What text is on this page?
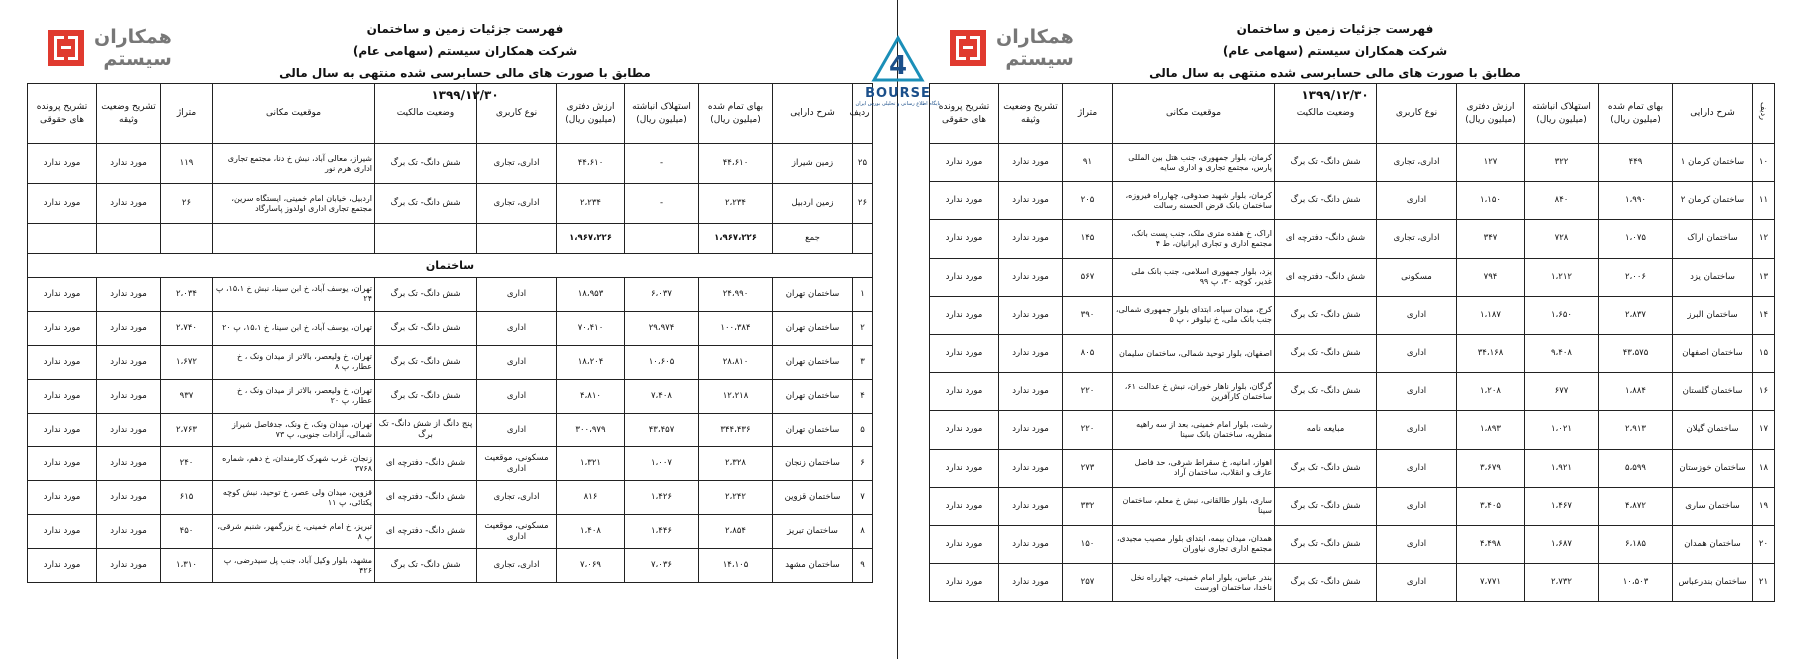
فهرست جزئیات زمین و ساختمان
شرکت همکاران سیستم (سهامی عام)
مطابق با صورت های مالی حسابرسی شده منتهی به سال مالی ۱۳۹۹/۱۲/۳۰
همکاران
سیستم
ردیف	شرح دارایی	بهای تمام شده (میلیون ریال)	استهلاک انباشته (میلیون ریال)	ارزش دفتری (میلیون ریال)	نوع کاربری	وضعیت مالکیت	موقعیت مکانی	متراژ	تشریح وضعیت وثیقه	تشریح پرونده های حقوقی
۲۵	زمین شیراز	۴۴،۶۱۰	-	۴۴،۶۱۰	اداری، تجاری	شش دانگ- تک برگ	شیراز، معالی آباد، نبش خ دنا، مجتمع تجاری اداری هرم نور	۱۱۹	مورد ندارد	مورد ندارد
۲۶	زمین اردبیل	۲،۲۳۴	-	۲،۲۳۴	اداری، تجاری	شش دانگ- تک برگ	اردبیل، خیابان امام خمینی، ایستگاه سرین، مجتمع تجاری اداری اولدوز پاسارگاد	۲۶	مورد ندارد	مورد ندارد
	جمع	۱،۹۶۷،۲۲۶		۱،۹۶۷،۲۲۶						
ساختمان										
۱	ساختمان تهران	۲۴،۹۹۰	۶،۰۳۷	۱۸،۹۵۳	اداری	شش دانگ- تک برگ	تهران، یوسف آباد، خ ابن سینا، نبش خ ۱۵،۱، پ ۲۴	۲،۰۳۴	مورد ندارد	مورد ندارد
۲	ساختمان تهران	۱۰۰،۳۸۴	۲۹،۹۷۴	۷۰،۴۱۰	اداری	شش دانگ- تک برگ	تهران، یوسف آباد، خ ابن سینا، خ ۱۵،۱، پ ۲۰	۲،۷۴۰	مورد ندارد	مورد ندارد
۳	ساختمان تهران	۲۸،۸۱۰	۱۰،۶۰۵	۱۸،۲۰۴	اداری	شش دانگ- تک برگ	تهران، خ ولیعصر، بالاتر از میدان ونک ، خ عطار، پ ۸	۱،۶۷۲	مورد ندارد	مورد ندارد
۴	ساختمان تهران	۱۲،۲۱۸	۷،۴۰۸	۴،۸۱۰	اداری	شش دانگ- تک برگ	تهران، خ ولیعصر، بالاتر از میدان ونک ، خ عطار، پ ۲۰	۹۳۷	مورد ندارد	مورد ندارد
۵	ساختمان تهران	۳۴۴،۴۳۶	۴۳،۴۵۷	۳۰۰،۹۷۹	اداری	پنج دانگ از شش دانگ- تک برگ	تهران، میدان ونک، خ ونک، جدفاصل شیراز شمالی، آزادات جنوبی، پ ۷۳	۲،۷۶۳	مورد ندارد	مورد ندارد
۶	ساختمان زنجان	۲،۳۲۸	۱،۰۰۷	۱،۳۲۱	مسکونی، موقعیت اداری	شش دانگ- دفترچه ای	زنجان، غرب شهرک کارمندان، خ دهم، شماره ۳۷۶۸	۲۴۰	مورد ندارد	مورد ندارد
۷	ساختمان قزوین	۲،۲۴۲	۱،۴۲۶	۸۱۶	اداری، تجاری	شش دانگ- دفترچه ای	قزوین، میدان ولی عصر، خ توحید، نبش کوچه یکتائی، پ ۱۱	۶۱۵	مورد ندارد	مورد ندارد
۸	ساختمان تبریز	۲،۸۵۴	۱،۴۴۶	۱،۴۰۸	مسکونی، موقعیت اداری	شش دانگ- دفترچه ای	تبریز، خ امام خمینی، خ بزرگمهر، شنبم شرقی، پ ۸	۴۵۰	مورد ندارد	مورد ندارد
۹	ساختمان مشهد	۱۴،۱۰۵	۷،۰۳۶	۷،۰۶۹	اداری، تجاری	شش دانگ- تک برگ	مشهد، بلوار وکیل آباد، جنب پل سیدرضی، پ ۴۲۶	۱،۳۱۰	مورد ندارد	مورد ندارد
4
BOURSE
پایگاه اطلاع رسانی و تحلیلی بورس ایران
فهرست جزئیات زمین و ساختمان
شرکت همکاران سیستم (سهامی عام)
مطابق با صورت های مالی حسابرسی شده منتهی به سال مالی ۱۳۹۹/۱۲/۳۰
همکاران
سیستم
ردیف	شرح دارایی	بهای تمام شده (میلیون ریال)	استهلاک انباشته (میلیون ریال)	ارزش دفتری (میلیون ریال)	نوع کاربری	وضعیت مالکیت	موقعیت مکانی	متراژ	تشریح وضعیت وثیقه	تشریح پرونده های حقوقی
۱۰	ساختمان کرمان ۱	۴۴۹	۳۲۲	۱۲۷	اداری، تجاری	شش دانگ- تک برگ	کرمان، بلوار جمهوری، جنب هتل بین المللی پارس، مجتمع تجاری و اداری سایه	۹۱	مورد ندارد	مورد ندارد
۱۱	ساختمان کرمان ۲	۱،۹۹۰	۸۴۰	۱،۱۵۰	اداری	شش دانگ- تک برگ	کرمان، بلوار شهید صدوقی، چهارراه فیروزه، ساختمان بانک قرض الحسنه رسالت	۲۰۵	مورد ندارد	مورد ندارد
۱۲	ساختمان اراک	۱،۰۷۵	۷۲۸	۳۴۷	اداری، تجاری	شش دانگ- دفترچه ای	اراک، خ هفده متری ملک، جنب پست بانک، مجتمع اداری و تجاری ایرانیان، ط ۴	۱۴۵	مورد ندارد	مورد ندارد
۱۳	ساختمان یزد	۲،۰۰۶	۱،۲۱۲	۷۹۴	مسکونی	شش دانگ- دفترچه ای	یزد، بلوار جمهوری اسلامی، جنب بانک ملی غدیر، کوچه ۳۰، پ ۹۹	۵۶۷	مورد ندارد	مورد ندارد
۱۴	ساختمان البرز	۲،۸۳۷	۱،۶۵۰	۱،۱۸۷	اداری	شش دانگ- تک برگ	کرج، میدان سپاه، ابتدای بلوار جمهوری شمالی، جنب بانک ملی، خ نیلوفر ، پ ۵	۳۹۰	مورد ندارد	مورد ندارد
۱۵	ساختمان اصفهان	۴۳،۵۷۵	۹،۴۰۸	۳۴،۱۶۸	اداری	شش دانگ- تک برگ	اصفهان، بلوار توحید شمالی، ساختمان سلیمان	۸۰۵	مورد ندارد	مورد ندارد
۱۶	ساختمان گلستان	۱،۸۸۴	۶۷۷	۱،۲۰۸	اداری	شش دانگ- تک برگ	گرگان، بلوار ناهار خوران، نبش خ عدالت ۶۱، ساختمان کارآفرین	۲۲۰	مورد ندارد	مورد ندارد
۱۷	ساختمان گیلان	۲،۹۱۳	۱،۰۲۱	۱،۸۹۳	اداری	مبایعه نامه	رشت، بلوار امام خمینی، بعد از سه راهیه منظریه، ساختمان بانک سینا	۲۲۰	مورد ندارد	مورد ندارد
۱۸	ساختمان خوزستان	۵،۵۹۹	۱،۹۲۱	۳،۶۷۹	اداری	شش دانگ- تک برگ	اهواز، امانیه، خ سقراط شرقی، حد فاصل عارف و انقلاب، ساختمان آراد	۲۷۳	مورد ندارد	مورد ندارد
۱۹	ساختمان ساری	۴،۸۷۲	۱،۴۶۷	۳،۴۰۵	اداری	شش دانگ- تک برگ	ساری، بلوار طالقانی، نبش خ معلم، ساختمان سینا	۳۳۲	مورد ندارد	مورد ندارد
۲۰	ساختمان همدان	۶،۱۸۵	۱،۶۸۷	۴،۴۹۸	اداری	شش دانگ- تک برگ	همدان، میدان بیمه، ابتدای بلوار مصیب مجیدی، مجتمع اداری تجاری نیاوران	۱۵۰	مورد ندارد	مورد ندارد
۲۱	ساختمان بندرعباس	۱۰،۵۰۳	۲،۷۳۲	۷،۷۷۱	اداری	شش دانگ- تک برگ	بندر عباس، بلوار امام خمینی، چهارراه نخل ناخدا، ساختمان اورست	۲۵۷	مورد ندارد	مورد ندارد
